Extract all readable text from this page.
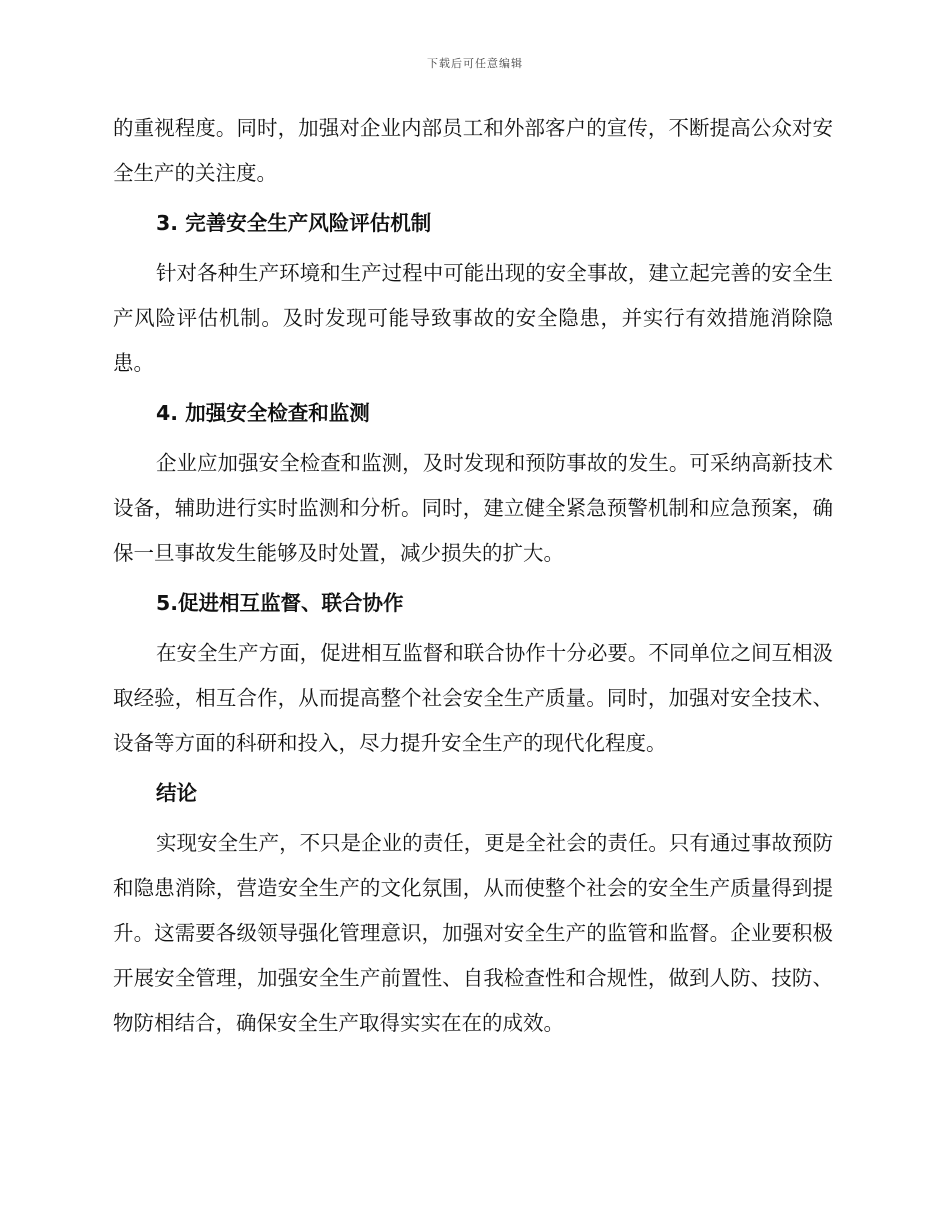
下载后可任意编辑

的重视程度。同时，加强对企业内部员工和外部客户的宣传，不断提高公众对安全生产的关注度。

3. 完善安全生产风险评估机制

针对各种生产环境和生产过程中可能出现的安全事故，建立起完善的安全生产风险评估机制。及时发现可能导致事故的安全隐患，并实行有效措施消除隐患。

4. 加强安全检查和监测

企业应加强安全检查和监测，及时发现和预防事故的发生。可采纳高新技术设备，辅助进行实时监测和分析。同时，建立健全紧急预警机制和应急预案，确保一旦事故发生能够及时处置，减少损失的扩大。

5.促进相互监督、联合协作

在安全生产方面，促进相互监督和联合协作十分必要。不同单位之间互相汲取经验，相互合作，从而提高整个社会安全生产质量。同时，加强对安全技术、设备等方面的科研和投入，尽力提升安全生产的现代化程度。

结论

实现安全生产，不只是企业的责任，更是全社会的责任。只有通过事故预防和隐患消除，营造安全生产的文化氛围，从而使整个社会的安全生产质量得到提升。这需要各级领导强化管理意识，加强对安全生产的监管和监督。企业要积极开展安全管理，加强安全生产前置性、自我检查性和合规性，做到人防、技防、物防相结合，确保安全生产取得实实在在的成效。
